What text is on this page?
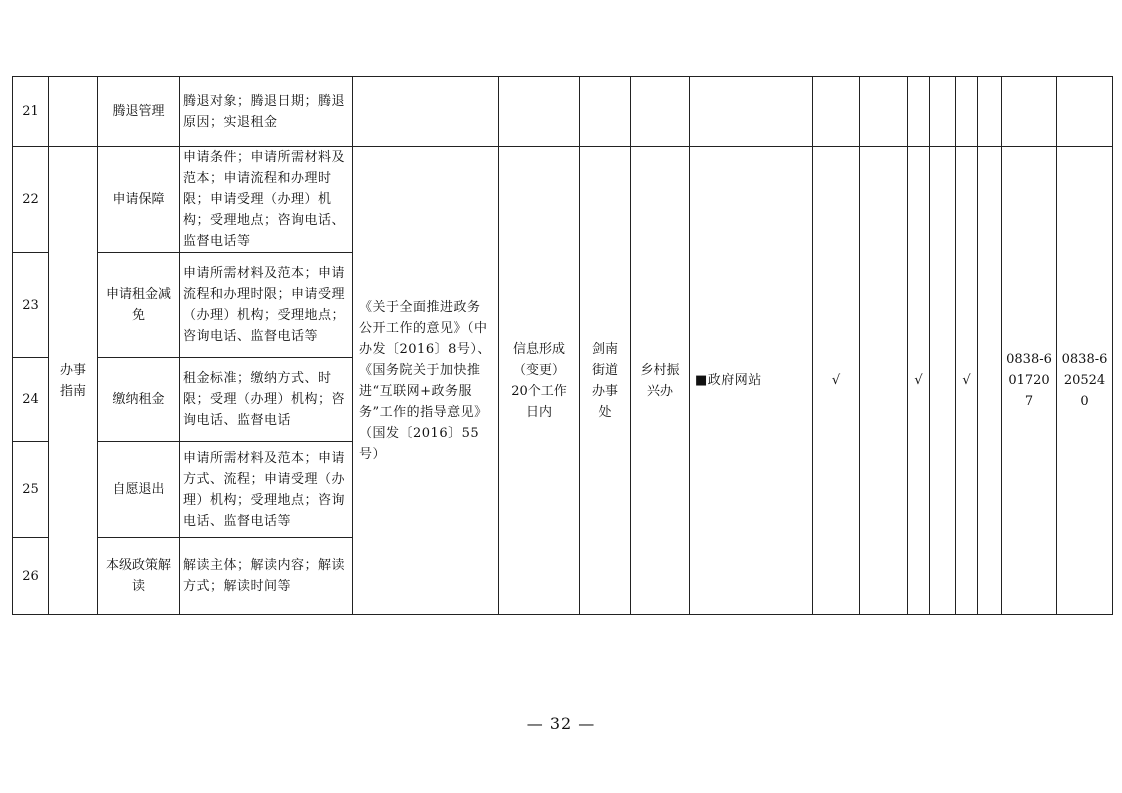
21		腾退管理	腾退对象；腾退日期；腾退原因；实退租金													
22	办事指南	申请保障	申请条件；申请所需材料及范本；申请流程和办理时限；申请受理（办理）机构；受理地点；咨询电话、监督电话等	《关于全面推进政务公开工作的意见》（中办发〔2016〕8号）、《国务院关于加快推进“互联网+政务服务”工作的指导意见》（国发〔2016〕55号）	信息形成（变更）20个工作日内	剑南街道办事处	乡村振兴办	■政府网站	√		√		√		0838-6017207	0838-6205240
23		申请租金减免	申请所需材料及范本；申请流程和办理时限；申请受理（办理）机构；受理地点；咨询电话、监督电话等													
24		缴纳租金	租金标准；缴纳方式、时限；受理（办理）机构；咨询电话、监督电话													
25		自愿退出	申请所需材料及范本；申请方式、流程；申请受理（办理）机构；受理地点；咨询电话、监督电话等													
26		本级政策解读	解读主体；解读内容；解读方式；解读时间等													
— 32 —
